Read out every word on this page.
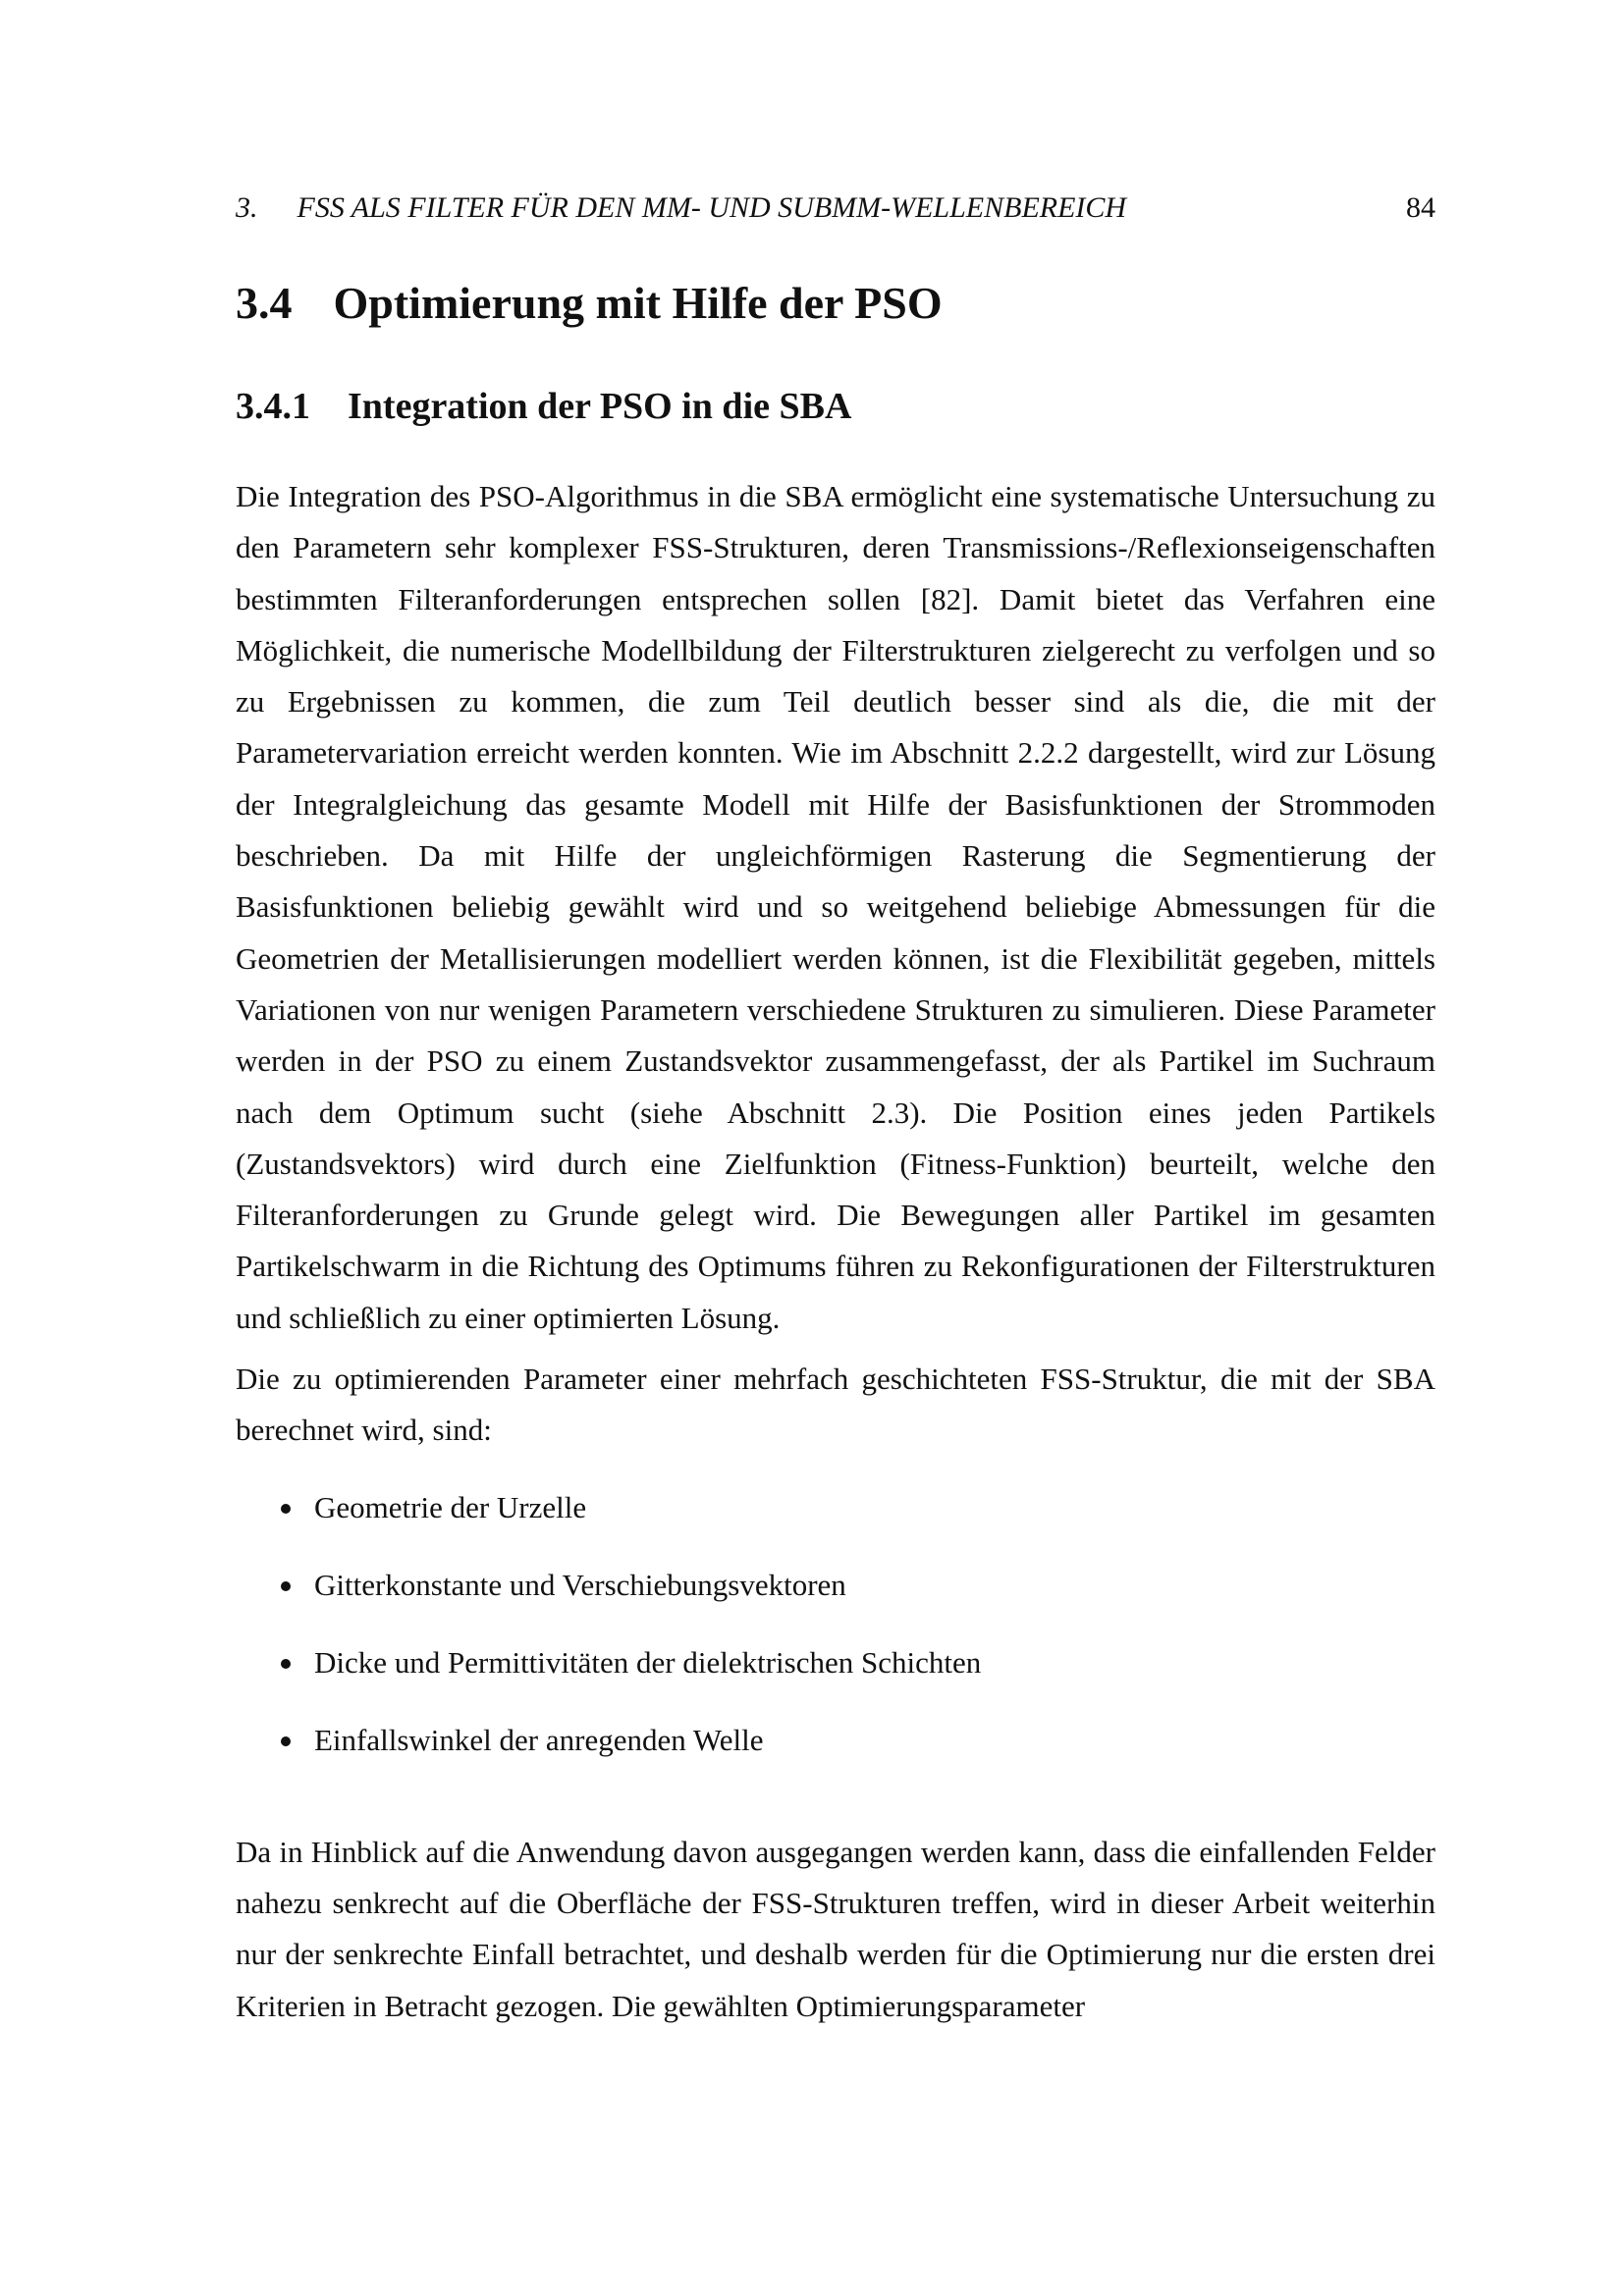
3. FSS ALS FILTER FÜR DEN MM- UND SUBMM-WELLENBEREICH	84
3.4 Optimierung mit Hilfe der PSO
3.4.1 Integration der PSO in die SBA

Die Integration des PSO-Algorithmus in die SBA ermöglicht eine systematische Untersuchung zu den Parametern sehr komplexer FSS-Strukturen, deren Transmissions-/Reflexionseigenschaften bestimmten Filteranforderungen entsprechen sollen [82]. Damit bietet das Verfahren eine Möglichkeit, die numerische Modellbildung der Filterstrukturen zielgerecht zu verfolgen und so zu Ergebnissen zu kommen, die zum Teil deutlich besser sind als die, die mit der Parametervariation erreicht werden konnten. Wie im Abschnitt 2.2.2 dargestellt, wird zur Lösung der Integralgleichung das gesamte Modell mit Hilfe der Basisfunktionen der Strommoden beschrieben. Da mit Hilfe der ungleichförmigen Rasterung die Segmentierung der Basisfunktionen beliebig gewählt wird und so weitgehend beliebige Abmessungen für die Geometrien der Metallisierungen modelliert werden können, ist die Flexibilität gegeben, mittels Variationen von nur wenigen Parametern verschiedene Strukturen zu simulieren. Diese Parameter werden in der PSO zu einem Zustandsvektor zusammengefasst, der als Partikel im Suchraum nach dem Optimum sucht (siehe Abschnitt 2.3). Die Position eines jeden Partikels (Zustandsvektors) wird durch eine Zielfunktion (Fitness-Funktion) beurteilt, welche den Filteranforderungen zu Grunde gelegt wird. Die Bewegungen aller Partikel im gesamten Partikelschwarm in die Richtung des Optimums führen zu Rekonfigurationen der Filterstrukturen und schließlich zu einer optimierten Lösung.

Die zu optimierenden Parameter einer mehrfach geschichteten FSS-Struktur, die mit der SBA berechnet wird, sind:

Geometrie der Urzelle
Gitterkonstante und Verschiebungsvektoren
Dicke und Permittivitäten der dielektrischen Schichten
Einfallswinkel der anregenden Welle

Da in Hinblick auf die Anwendung davon ausgegangen werden kann, dass die einfallenden Felder nahezu senkrecht auf die Oberfläche der FSS-Strukturen treffen, wird in dieser Arbeit weiterhin nur der senkrechte Einfall betrachtet, und deshalb werden für die Optimierung nur die ersten drei Kriterien in Betracht gezogen. Die gewählten Optimierungsparameter
